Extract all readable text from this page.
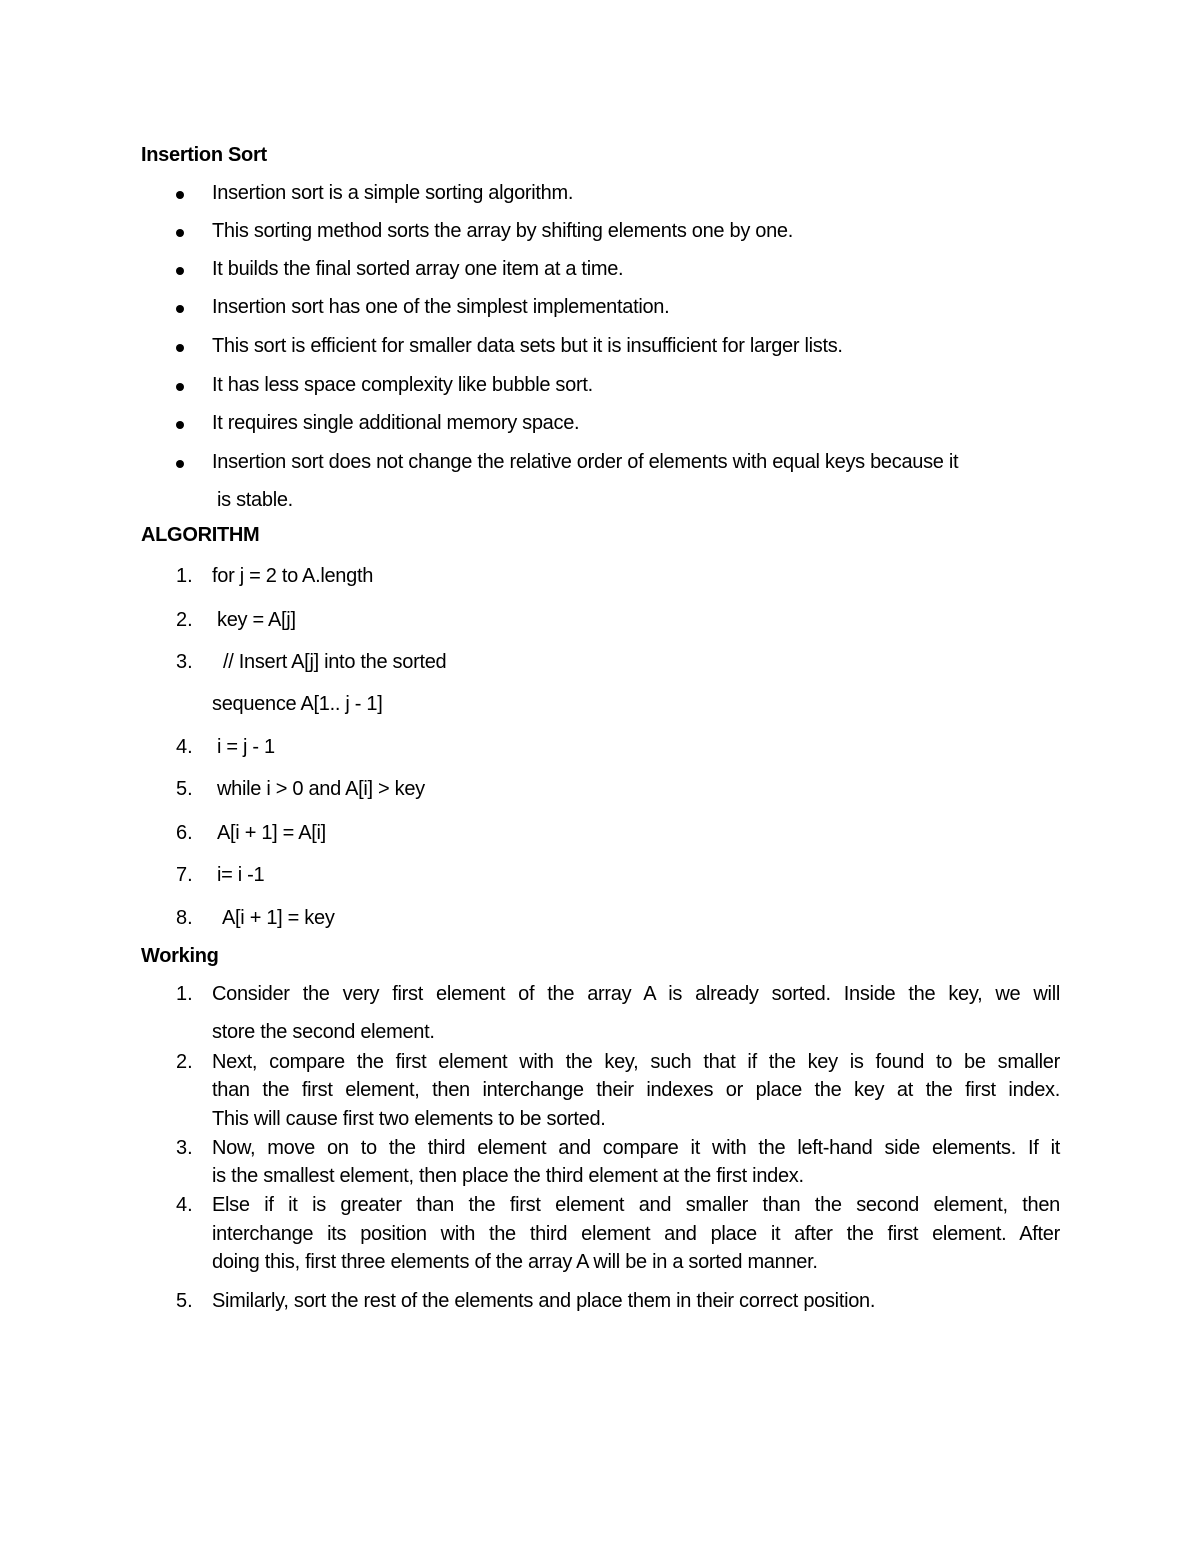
Insertion Sort
Insertion sort is a simple sorting algorithm.
This sorting method sorts the array by shifting elements one by one.
It builds the final sorted array one item at a time.
Insertion sort has one of the simplest implementation.
This sort is efficient for smaller data sets but it is insufficient for larger lists.
It has less space complexity like bubble sort.
It requires single additional memory space.
Insertion sort does not change the relative order of elements with equal keys because it
is stable.
ALGORITHM
1. for j = 2 to A.length
2. key = A[j]
3. // Insert A[j] into the sorted
sequence A[1.. j - 1]
4. i = j - 1
5. while i > 0 and A[i] > key
6. A[i + 1] = A[i]
7. i= i -1
8. A[i + 1] = key
Working
1. Consider the very first element of the array A is already sorted. Inside the key, we will
store the second element.
2. Next, compare the first element with the key, such that if the key is found to be smaller
than the first element, then interchange their indexes or place the key at the first index.
This will cause first two elements to be sorted.
3. Now, move on to the third element and compare it with the left-hand side elements. If it
is the smallest element, then place the third element at the first index.
4. Else if it is greater than the first element and smaller than the second element, then
interchange its position with the third element and place it after the first element. After
doing this, first three elements of the array A will be in a sorted manner.
5. Similarly, sort the rest of the elements and place them in their correct position.
